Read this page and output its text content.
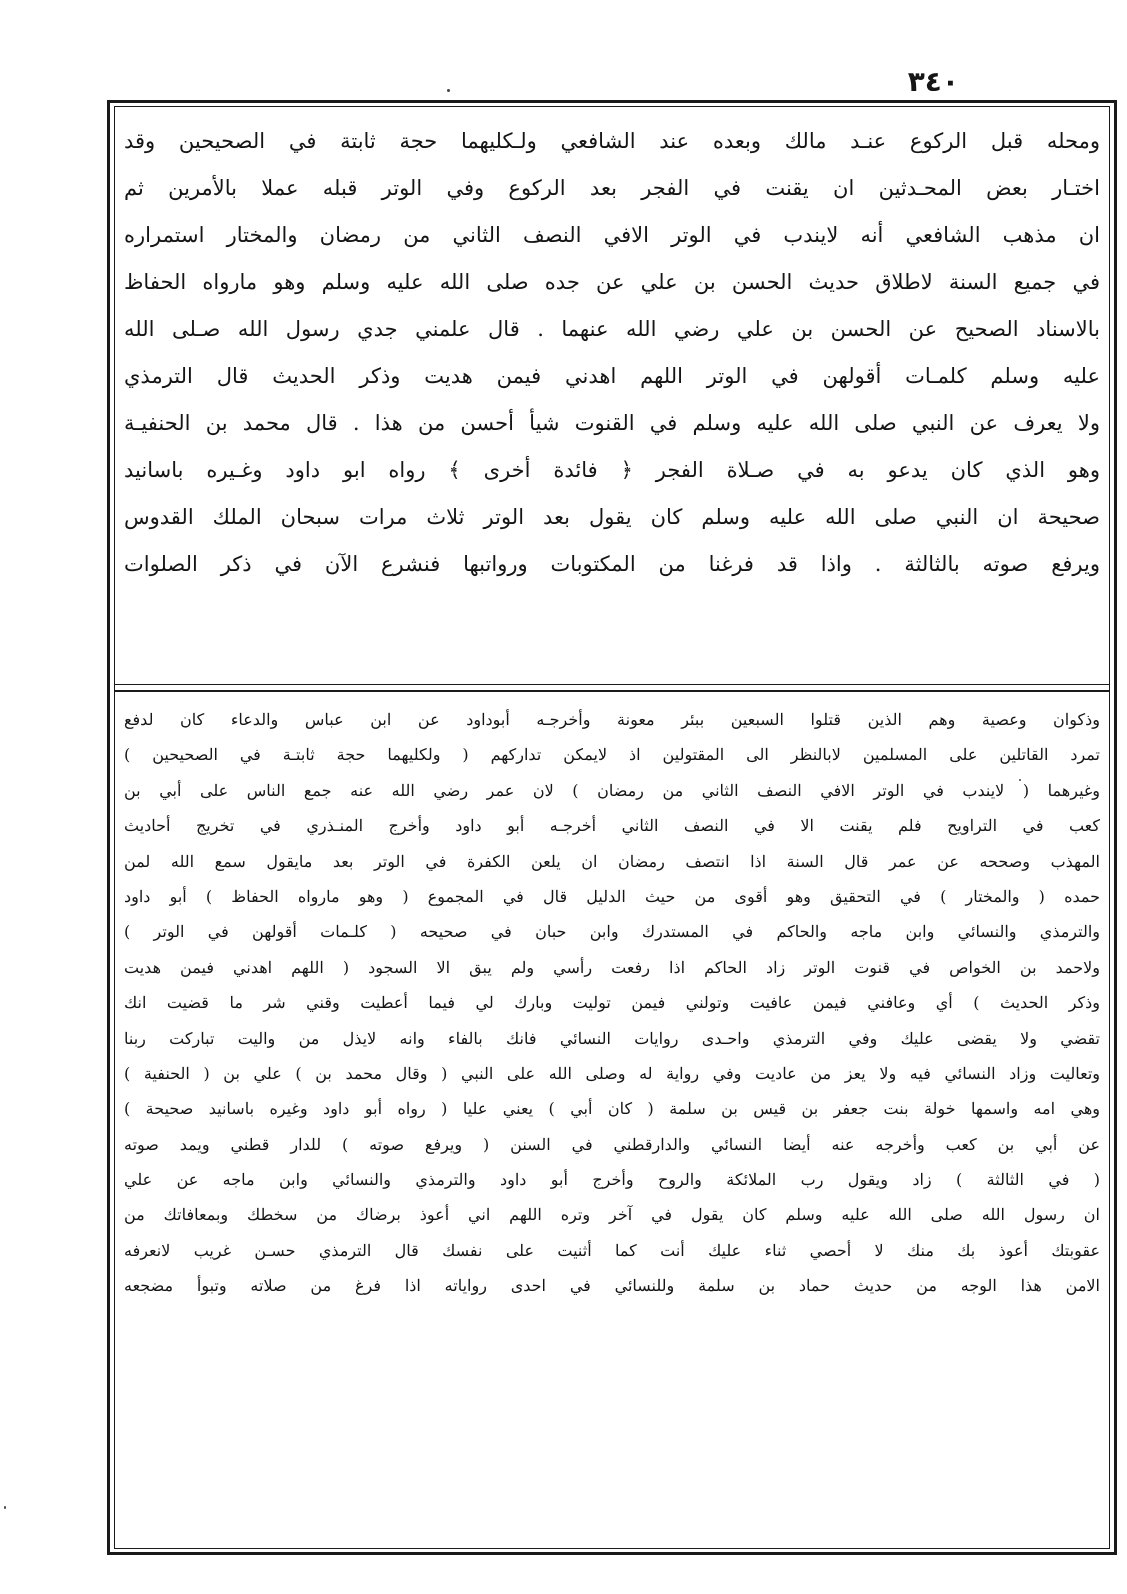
٣٤٠
ومحله قبل الركوع عنـد مالك وبعده عند الشافعي ولـكليهما حجة ثابتة في الصحيحين وقد
اختـار بعض المحـدثين ان يقنت في الفجر بعد الركوع وفي الوتر قبله عملا بالأمرين ثم
ان مذهب الشافعي أنه لايندب في الوتر الافي النصف الثاني من رمضان والمختار استمراره
في جميع السنة لاطلاق حديث الحسن بن علي عن جده صلى الله عليه وسلم وهو مارواه الحفاظ
بالاسناد الصحيح عن الحسن بن علي رضي الله عنهما . قال علمني جدي رسول الله صـلى الله
عليه وسلم كلمـات أقولهن في الوتر اللهم اهدني فيمن هديت وذكر الحديث قال الترمذي
ولا يعرف عن النبي صلى الله عليه وسلم في القنوت شيأ أحسن من هذا . قال محمد بن الحنفيـة
وهو الذي كان يدعو به في صـلاة الفجر ﴿ فائدة أخرى ﴾ رواه ابو داود وغـيره باسانيد
صحيحة ان النبي صلى الله عليه وسلم كان يقول بعد الوتر ثلاث مرات سبحان الملك القدوس
ويرفع صوته بالثالثة . واذا قد فرغنا من المكتوبات ورواتبها فنشرع الآن في ذكر الصلوات
وذكوان وعصية وهم الذين قتلوا السبعين ببئر معونة وأخرجـه أبوداود عن ابن عباس والدعاء كان لدفع
تمرد القاتلين على المسلمين لابالنظر الى المقتولين اذ لايمكن تداركهم ( ولكليهما حجة ثابتـة في الصحيحين )
وغيرهما ( لايندب في الوتر الافي النصف الثاني من رمضان ) لان عمر رضي الله عنه جمع الناس على أبي بن
كعب في التراويح فلم يقنت الا في النصف الثاني أخرجـه أبو داود وأخرج المنـذري في تخريج أحاديث
المهذب وصححه عن عمر قال السنة اذا انتصف رمضان ان يلعن الكفرة في الوتر بعد مايقول سمع الله لمن
حمده ( والمختار ) في التحقيق وهو أقوى من حيث الدليل قال في المجموع ( وهو مارواه الحفاظ ) أبو داود
والترمذي والنسائي وابن ماجه والحاكم في المستدرك وابن حبان في صحيحه ( كلـمات أقولهن في الوتر )
ولاحمد بن الخواص في قنوت الوتر زاد الحاكم اذا رفعت رأسي ولم يبق الا السجود ( اللهم اهدني فيمن هديت
وذكر الحديث ) أي وعافني فيمن عافيت وتولني فيمن توليت وبارك لي فيما أعطيت وقني شر ما قضيت انك
تقضي ولا يقضى عليك وفي الترمذي واحـدى روايات النسائي فانك بالفاء وانه لايذل من واليت تباركت ربنا
وتعاليت وزاد النسائي فيه ولا يعز من عاديت وفي رواية له وصلى الله على النبي ( وقال محمد بن ) علي بن ( الحنفية )
وهي امه واسمها خولة بنت جعفر بن قيس بن سلمة ( كان أبي ) يعني عليا ( رواه أبو داود وغيره باسانيد صحيحة )
عن أبي بن كعب وأخرجه عنه أيضا النسائي والدارقطني في السنن ( ويرفع صوته ) للدار قطني ويمد صوته
( في الثالثة ) زاد ويقول رب الملائكة والروح وأخرج أبو داود والترمذي والنسائي وابن ماجه عن علي
ان رسول الله صلى الله عليه وسلم كان يقول في آخر وتره اللهم اني أعوذ برضاك من سخطك وبمعافاتك من
عقوبتك أعوذ بك منك لا أحصي ثناء عليك أنت كما أثنيت على نفسك قال الترمذي حسـن غريب لانعرفه
الامن هذا الوجه من حديث حماد بن سلمة وللنسائي في احدى رواياته اذا فرغ من صلاته وتبوأ مضجعه
